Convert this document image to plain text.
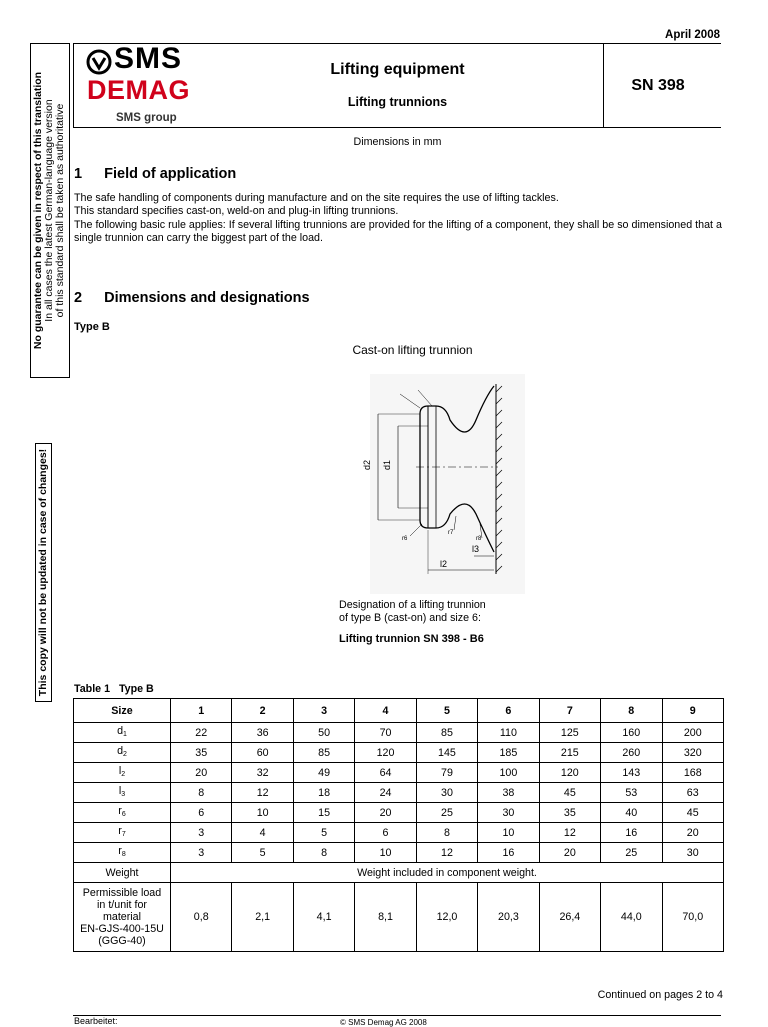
April 2008
SMS
DEMAG
SMS group
Lifting equipment
Lifting trunnions
SN 398
No guarantee can be given in respect of this translation In all cases the latest German-language version of this standard shall be taken as authoritative
This copy will not be updated in case of changes!
Dimensions in mm
1 Field of application
The safe handling of components during manufacture and on the site requires the use of lifting tackles.
This standard specifies cast-on, weld-on and plug-in lifting trunnions.
The following basic rule applies: If several lifting trunnions are provided for the lifting of a component, they shall be so dimensioned that a single trunnion can carry the biggest part of the load.
2 Dimensions and designations
Type B
Cast-on lifting trunnion
d2 d1
l2
l3
r6
r7
r8
Designation of a lifting trunnion
of type B (cast-on) and size 6:
Lifting trunnion SN 398 - B6
Table 1   Type B
Size	1	2	3	4	5	6	7	8	9
$d_1$	22	36	50	70	85	110	125	160	200
$d_2$	35	60	85	120	145	185	215	260	320
$l_2$	20	32	49	64	79	100	120	143	168
$l_3$	8	12	18	24	30	38	45	53	63
$r_6$	6	10	15	20	25	30	35	40	45
$r_7$	3	4	5	6	8	10	12	16	20
$r_8$	3	5	8	10	12	16	20	25	30
Weight	Weight included in component weight.								

Permissible load
in t/unit for
material
EN-GJS-400-15U
(GGG-40)	0,8	2,1	4,1	8,1	12,0	20,3	26,4	44,0	70,0
Continued on pages 2 to 4
Bearbeitet:	© SMS Demag AG 2008
